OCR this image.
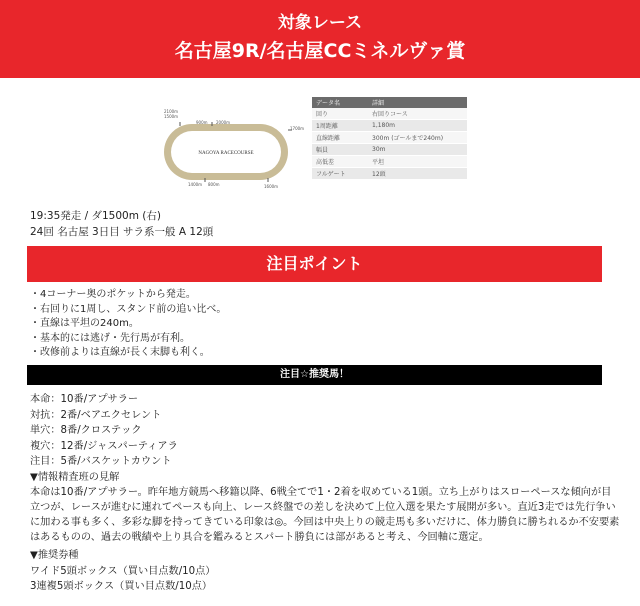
対象レース
名古屋9R/名古屋CCミネルヴァ賞
NAGOYA RACECOURSE
2100m
1500m
900m 2000m
1700m
1400m 800m	1600m
データ名	詳細
回り	右回りコース
1周距離	1,180m
直線距離	300m (ゴールまで240m)
幅員	30m
高低差	平坦
フルゲート	12頭
19:35発走 / ダ1500m (右)
24回 名古屋 3日目 サラ系一般 A 12頭
注目ポイント
・4コーナー奥のポケットから発走。
・右回りに1周し、スタンド前の追い比べ。
・直線は平坦の240m。
・基本的には逃げ・先行馬が有利。
・改修前よりは直線が長く末脚も利く。
注目☆推奨馬！
本命：10番/アプサラー
対抗：2番/ベアエクセレント
単穴：8番/クロステック
複穴：12番/ジャスパーティアラ
注目：5番/バスケットカウント
▼情報精査班の見解
本命は10番/アプサラー。昨年地方競馬へ移籍以降、6戦全てで1・2着を収めている1頭。立ち上がりはスローペースな傾向が目
立つが、レースが進むに連れてペースも向上、レース終盤での差しを決めて上位入選を果たす展開が多い。直近3走では先行争い
に加わる事も多く、多彩な脚を持ってきている印象は◎。今回は中央上りの競走馬も多いだけに、体力勝負に勝ちれるか不安要素
はあるものの、過去の戦績や上り具合を鑑みるとスパート勝負には部があると考え、今回軸に選定。
▼推奨券種
ワイド5頭ボックス（買い目点数/10点）
3連複5頭ボックス（買い目点数/10点）
